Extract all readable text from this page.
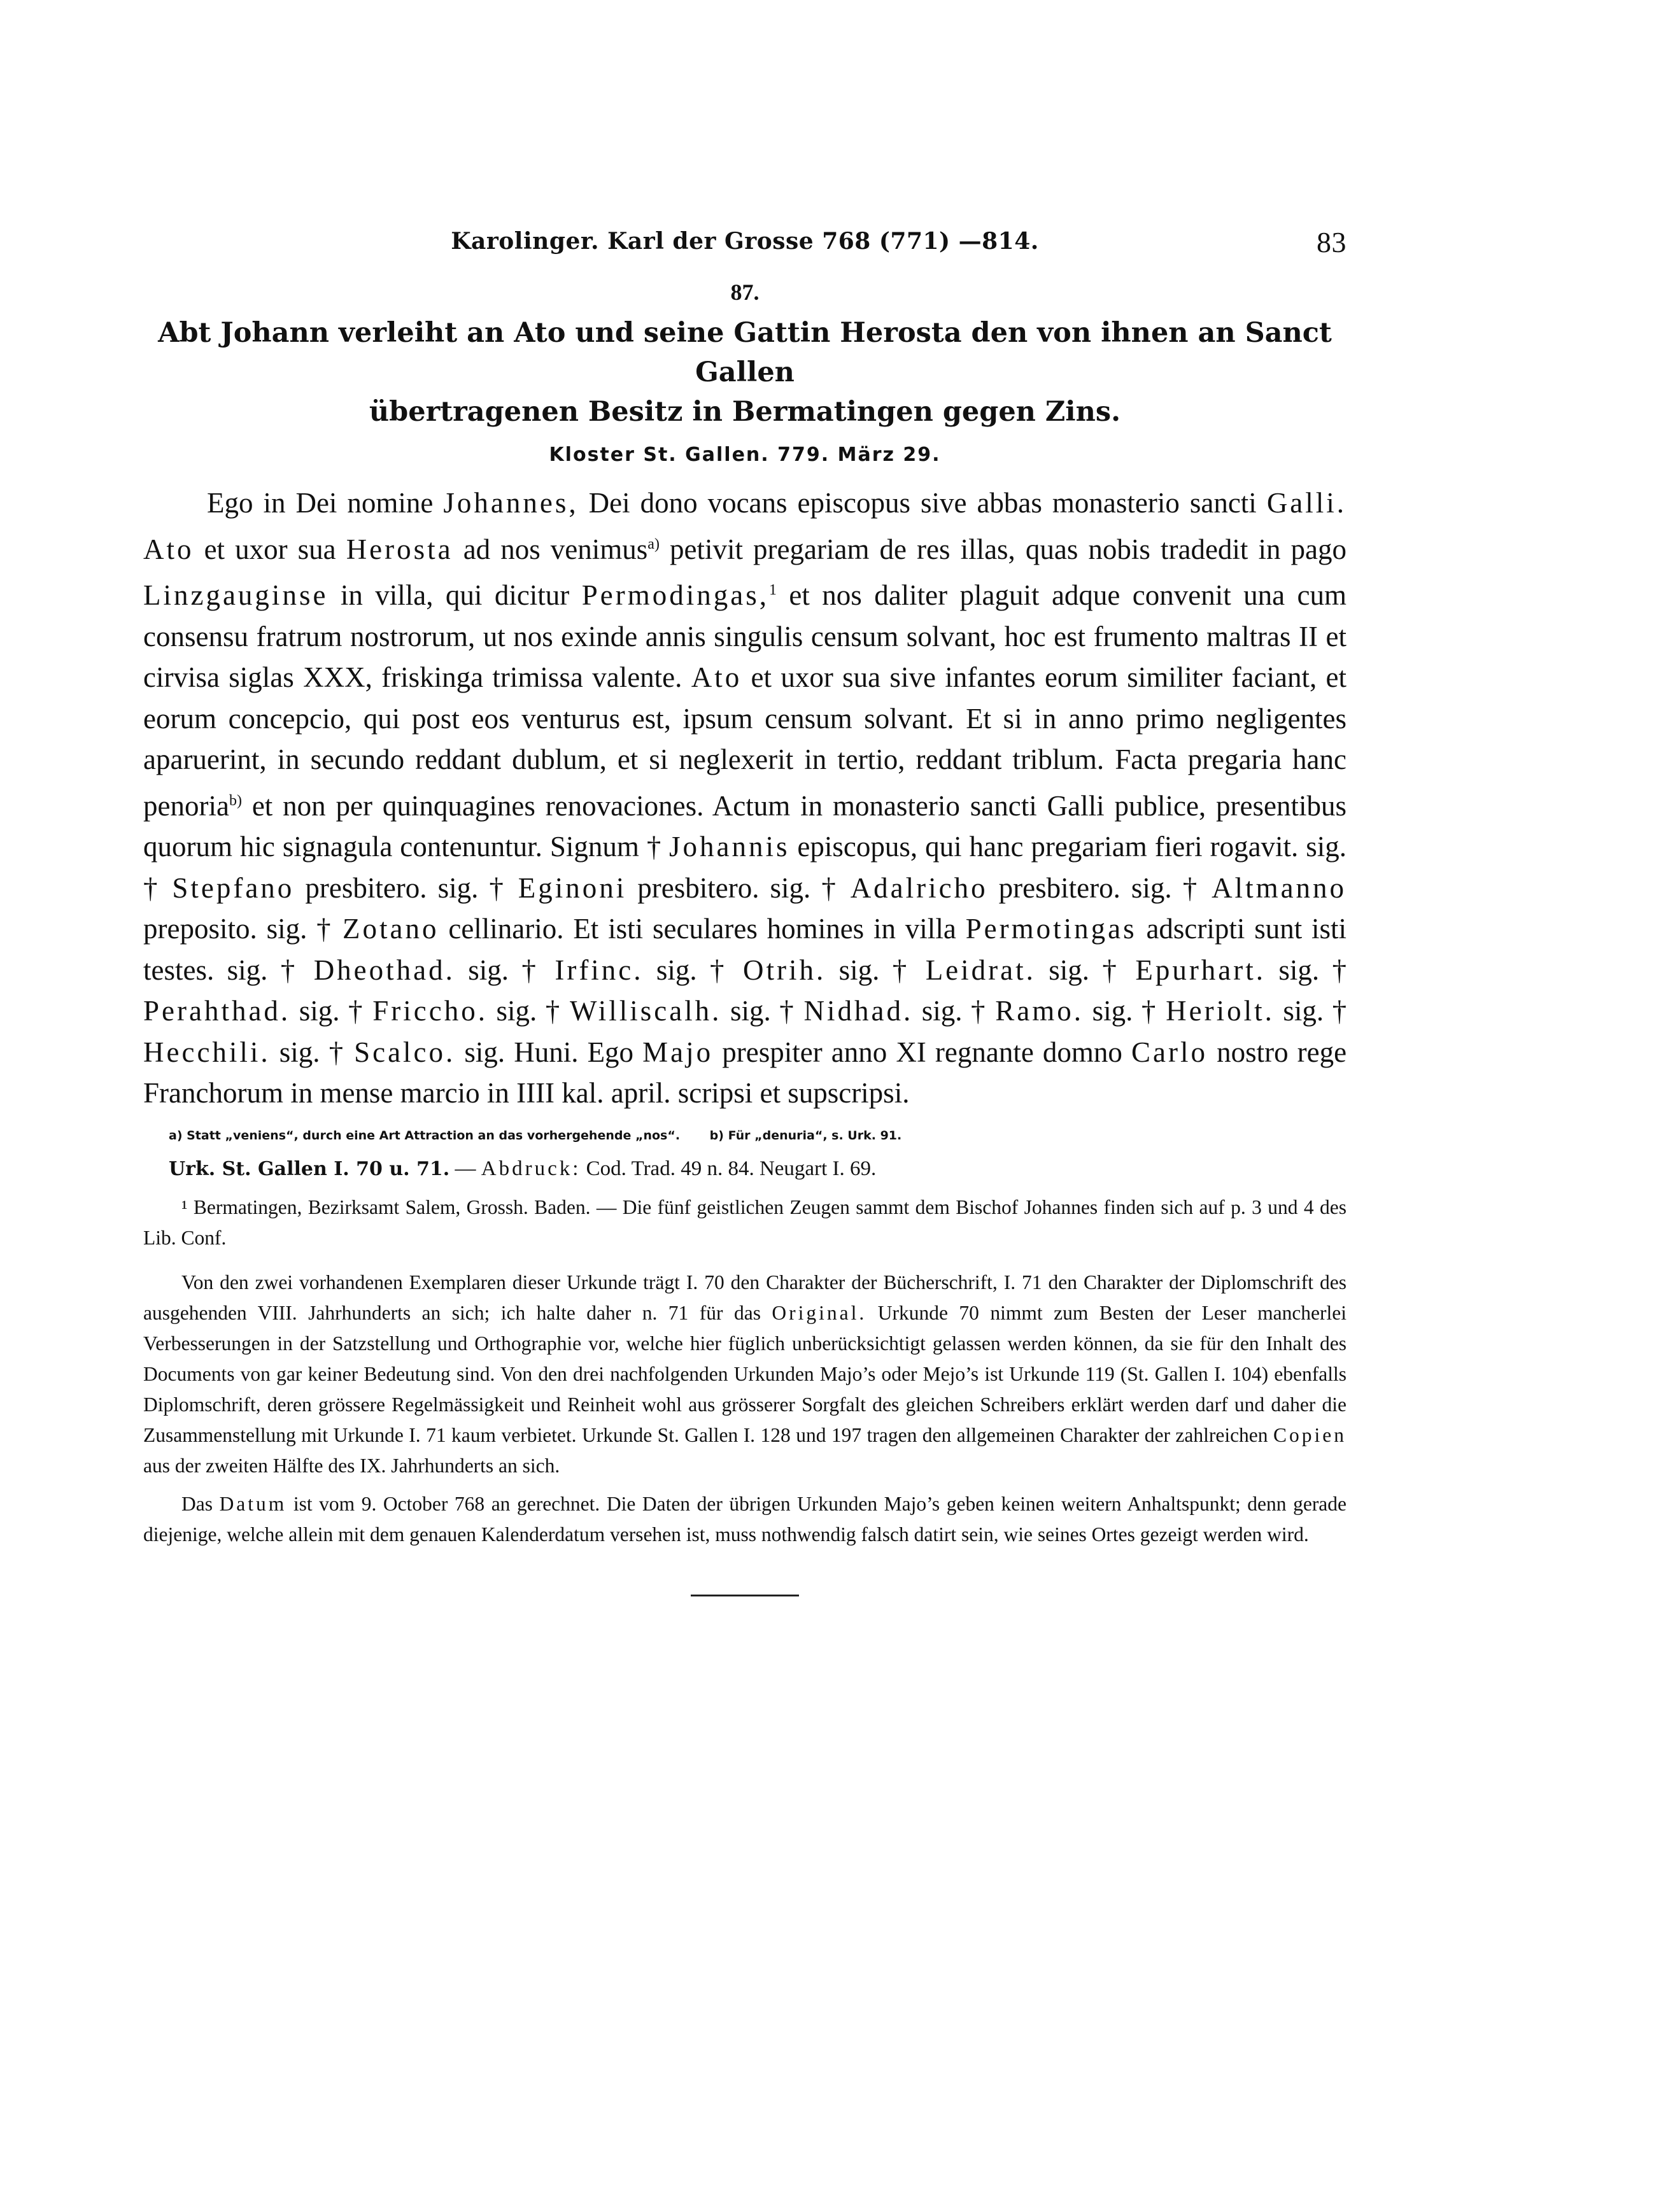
Karolinger. Karl der Grosse 768 (771) —814.	83
87.
Abt Johann verleiht an Ato und seine Gattin Herosta den von ihnen an Sanct Gallen
übertragenen Besitz in Bermatingen gegen Zins.
Kloster St. Gallen. 779. März 29.

Ego in Dei nomine Johannes, Dei dono vocans episcopus sive abbas monasterio sancti Galli. Ato et uxor sua Herosta ad nos venimus$^{a)}$ petivit pregariam de res illas, quas nobis tradedit in pago Linzgauginse in villa, qui dicitur Permodingas,$^1$ et nos daliter plaguit adque convenit una cum consensu fratrum nostrorum, ut nos exinde annis singulis censum solvant, hoc est frumento maltras II et cirvisa siglas XXX, friskinga trimissa valente. Ato et uxor sua sive infantes eorum similiter faciant, et eorum concepcio, qui post eos venturus est, ipsum censum solvant. Et si in anno primo negligentes aparuerint, in secundo reddant dublum, et si neglexerit in tertio, reddant triblum. Facta pregaria hanc penoria$^{b)}$ et non per quinquagines renovaciones. Actum in monasterio sancti Galli publice, presentibus quorum hic signagula contenuntur. Signum † Johannis episcopus, qui hanc pregariam fieri rogavit. sig. † Stepfano presbitero. sig. † Eginoni presbitero. sig. † Adalricho presbitero. sig. † Altmanno preposito. sig. † Zotano cellinario. Et isti seculares homines in villa Permotingas adscripti sunt isti testes. sig. † Dheothad. sig. † Irfinc. sig. † Otrih. sig. † Leidrat. sig. † Epurhart. sig. † Perahthad. sig. † Friccho. sig. † Williscalh. sig. † Nidhad. sig. † Ramo. sig. † Heriolt. sig. † Hecchili. sig. † Scalco. sig. Huni. Ego Majo prespiter anno XI regnante domno Carlo nostro rege Franchorum in mense marcio in IIII kal. april. scripsi et supscripsi.

a) Statt „veniens“, durch eine Art Attraction an das vorhergehende „nos“. b) Für „denuria“, s. Urk. 91.
Urk. St. Gallen I. 70 u. 71. — Abdruck: Cod. Trad. 49 n. 84. Neugart I. 69.

¹ Bermatingen, Bezirksamt Salem, Grossh. Baden. — Die fünf geistlichen Zeugen sammt dem Bischof Johannes finden sich auf p. 3 und 4 des Lib. Conf.

Von den zwei vorhandenen Exemplaren dieser Urkunde trägt I. 70 den Charakter der Bücherschrift, I. 71 den Charakter der Diplomschrift des ausgehenden VIII. Jahrhunderts an sich; ich halte daher n. 71 für das Original. Urkunde 70 nimmt zum Besten der Leser mancherlei Verbesserungen in der Satzstellung und Orthographie vor, welche hier füglich unberücksichtigt gelassen werden können, da sie für den Inhalt des Documents von gar keiner Bedeutung sind. Von den drei nachfolgenden Urkunden Majo’s oder Mejo’s ist Urkunde 119 (St. Gallen I. 104) ebenfalls Diplomschrift, deren grössere Regelmässigkeit und Reinheit wohl aus grösserer Sorgfalt des gleichen Schreibers erklärt werden darf und daher die Zusammenstellung mit Urkunde I. 71 kaum verbietet. Urkunde St. Gallen I. 128 und 197 tragen den allgemeinen Charakter der zahlreichen Copien aus der zweiten Hälfte des IX. Jahrhunderts an sich.

Das Datum ist vom 9. October 768 an gerechnet. Die Daten der übrigen Urkunden Majo’s geben keinen weitern Anhaltspunkt; denn gerade diejenige, welche allein mit dem genauen Kalenderdatum versehen ist, muss nothwendig falsch datirt sein, wie seines Ortes gezeigt werden wird.
